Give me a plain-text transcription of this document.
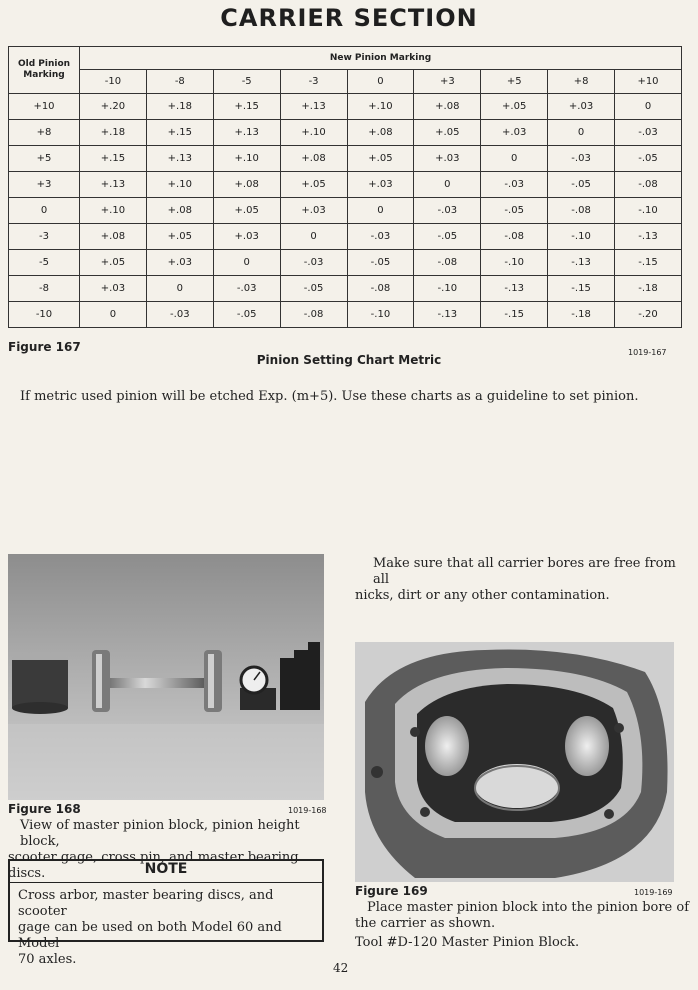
CARRIER SECTION
Old Pinion
Marking	New Pinion Marking								
	-10	-8	-5	-3	0	+3	+5	+8	+10
+10	+.20	+.18	+.15	+.13	+.10	+.08	+.05	+.03	0
+8	+.18	+.15	+.13	+.10	+.08	+.05	+.03	0	-.03
+5	+.15	+.13	+.10	+.08	+.05	+.03	0	-.03	-.05
+3	+.13	+.10	+.08	+.05	+.03	0	-.03	-.05	-.08
0	+.10	+.08	+.05	+.03	0	-.03	-.05	-.08	-.10
-3	+.08	+.05	+.03	0	-.03	-.05	-.08	-.10	-.13
-5	+.05	+.03	0	-.03	-.05	-.08	-.10	-.13	-.15
-8	+.03	0	-.03	-.05	-.08	-.10	-.13	-.15	-.18
-10	0	-.03	-.05	-.08	-.10	-.13	-.15	-.18	-.20
Figure 167	1019-167
Pinion Setting Chart Metric
If metric used pinion will be etched Exp. (m+5). Use these charts as a guideline to set pinion.
Figure 168	1019-168
View of master pinion block, pinion height block,
scooter gage, cross pin, and master bearing discs.	NOTE
Cross arbor, master bearing discs, and scooter
gage can be used on both Model 60 and Model
70 axles.
Make sure that all carrier bores are free from all
nicks, dirt or any other contamination.
Figure 169	1019-169
Place master pinion block into the pinion bore of
the carrier as shown.
Tool #D-120 Master Pinion Block.
42
